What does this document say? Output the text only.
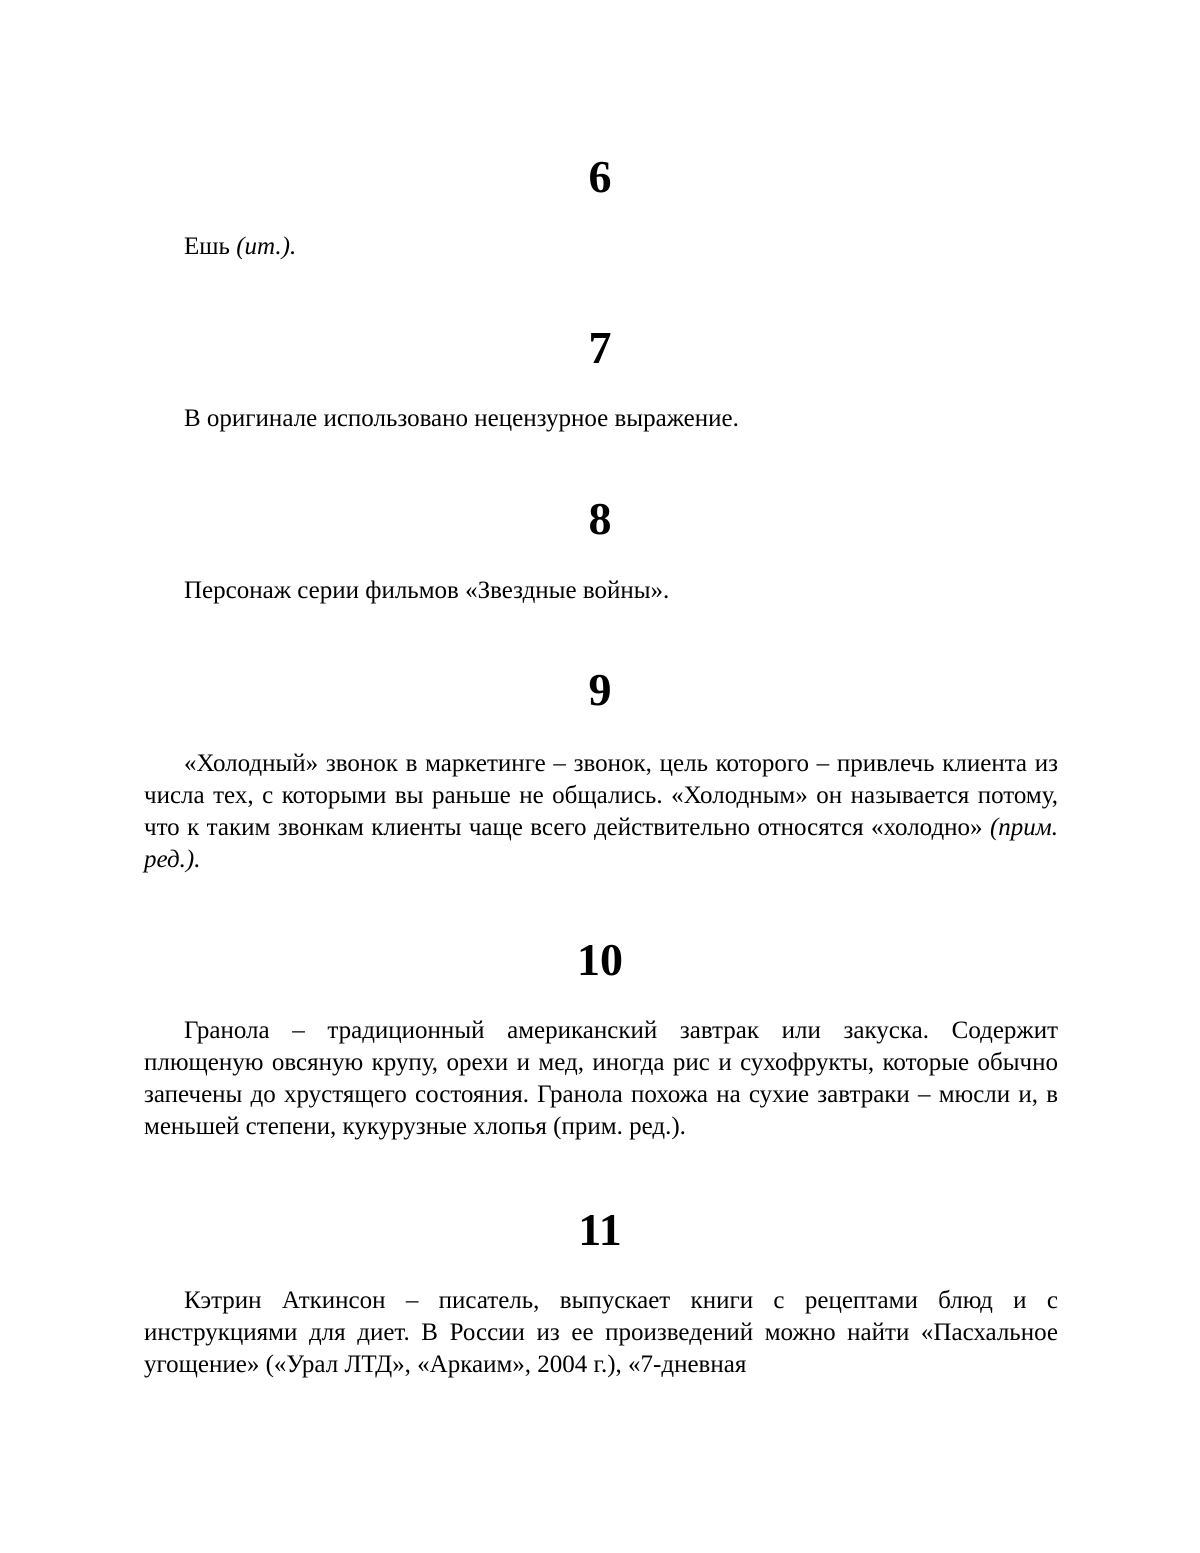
6

Ешь (ит.).

7

В оригинале использовано нецензурное выражение.

8

Персонаж серии фильмов «Звездные войны».

9

«Холодный» звонок в маркетинге – звонок, цель которого – привлечь клиента из числа тех, с которыми вы раньше не общались. «Холодным» он называется потому, что к таким звонкам клиенты чаще всего действительно относятся «холодно» (прим. ред.).

10

Гранола – традиционный американский завтрак или закуска. Содержит плющеную овсяную крупу, орехи и мед, иногда рис и сухофрукты, которые обычно запечены до хрустящего состояния. Гранола похожа на сухие завтраки – мюсли и, в меньшей степени, кукурузные хлопья (прим. ред.).

11

Кэтрин Аткинсон – писатель, выпускает книги с рецептами блюд и с инструкциями для диет. В России из ее произведений можно найти «Пасхальное угощение» («Урал ЛТД», «Аркаим», 2004 г.), «7-дневная
